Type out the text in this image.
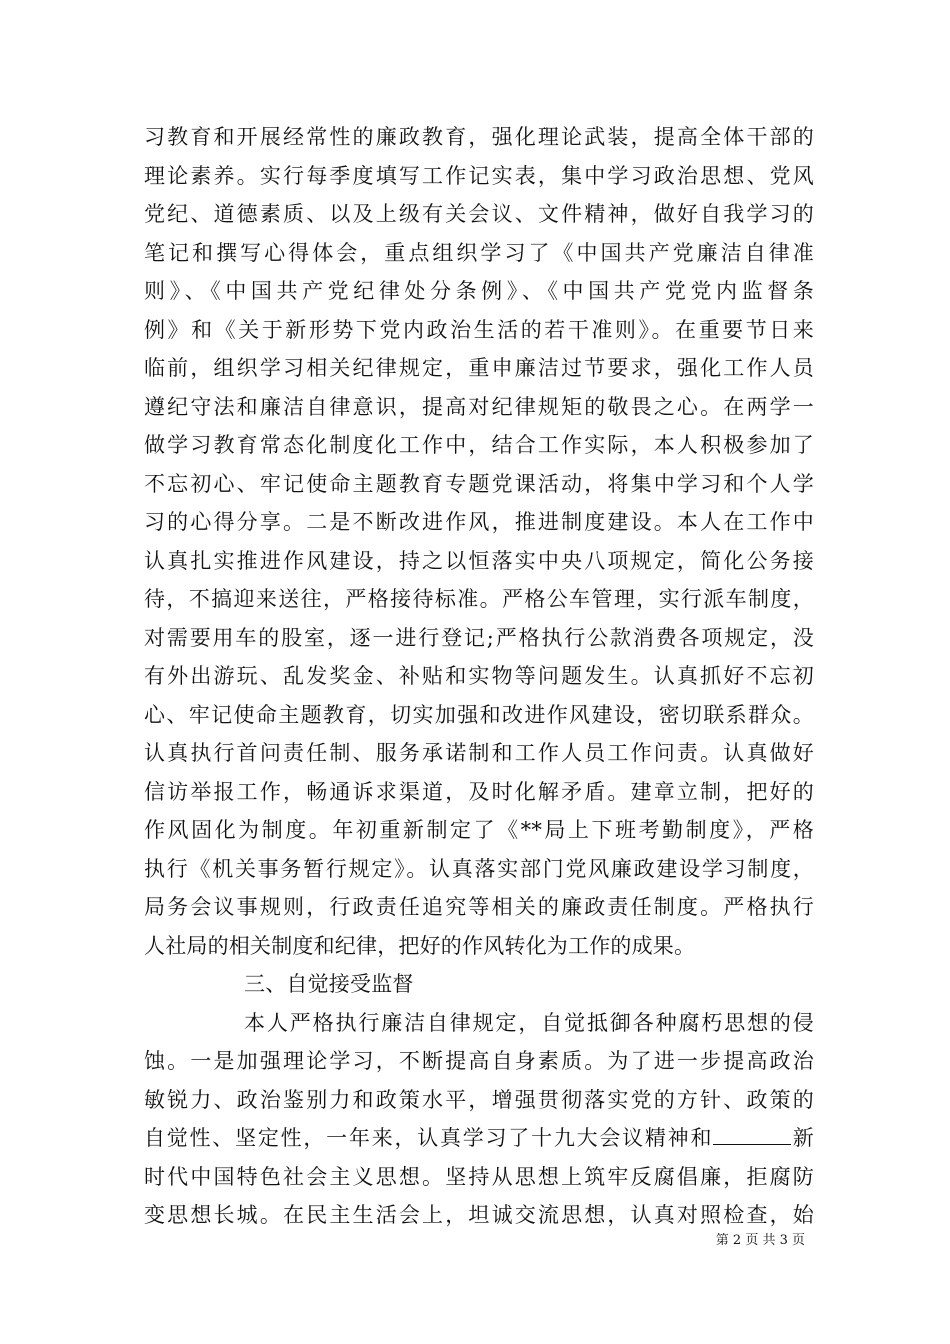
习教育和开展经常性的廉政教育，强化理论武装，提高全体干部的
理论素养。实行每季度填写工作记实表，集中学习政治思想、党风
党纪、道德素质、以及上级有关会议、文件精神，做好自我学习的
笔记和撰写心得体会，重点组织学习了《中国共产党廉洁自律准
则》、《中国共产党纪律处分条例》、《中国共产党党内监督条
例》和《关于新形势下党内政治生活的若干准则》。在重要节日来
临前，组织学习相关纪律规定，重申廉洁过节要求，强化工作人员
遵纪守法和廉洁自律意识，提高对纪律规矩的敬畏之心。在两学一
做学习教育常态化制度化工作中，结合工作实际，本人积极参加了
不忘初心、牢记使命主题教育专题党课活动，将集中学习和个人学
习的心得分享。二是不断改进作风，推进制度建设。本人在工作中
认真扎实推进作风建设，持之以恒落实中央八项规定，简化公务接
待，不搞迎来送往，严格接待标准。严格公车管理，实行派车制度，
对需要用车的股室，逐一进行登记;严格执行公款消费各项规定，没
有外出游玩、乱发奖金、补贴和实物等问题发生。认真抓好不忘初
心、牢记使命主题教育，切实加强和改进作风建设，密切联系群众。
认真执行首问责任制、服务承诺制和工作人员工作问责。认真做好
信访举报工作，畅通诉求渠道，及时化解矛盾。建章立制，把好的
作风固化为制度。年初重新制定了《**局上下班考勤制度》，严格
执行《机关事务暂行规定》。认真落实部门党风廉政建设学习制度，
局务会议事规则，行政责任追究等相关的廉政责任制度。严格执行
人社局的相关制度和纪律，把好的作风转化为工作的成果。
三、自觉接受监督
本人严格执行廉洁自律规定，自觉抵御各种腐朽思想的侵
蚀。一是加强理论学习，不断提高自身素质。为了进一步提高政治
敏锐力、政治鉴别力和政策水平，增强贯彻落实党的方针、政策的
自觉性、坚定性，一年来，认真学习了十九大会议精神和	新
时代中国特色社会主义思想。坚持从思想上筑牢反腐倡廉，拒腐防
变思想长城。在民主生活会上，坦诚交流思想，认真对照检查，始
第 2 页 共 3 页
